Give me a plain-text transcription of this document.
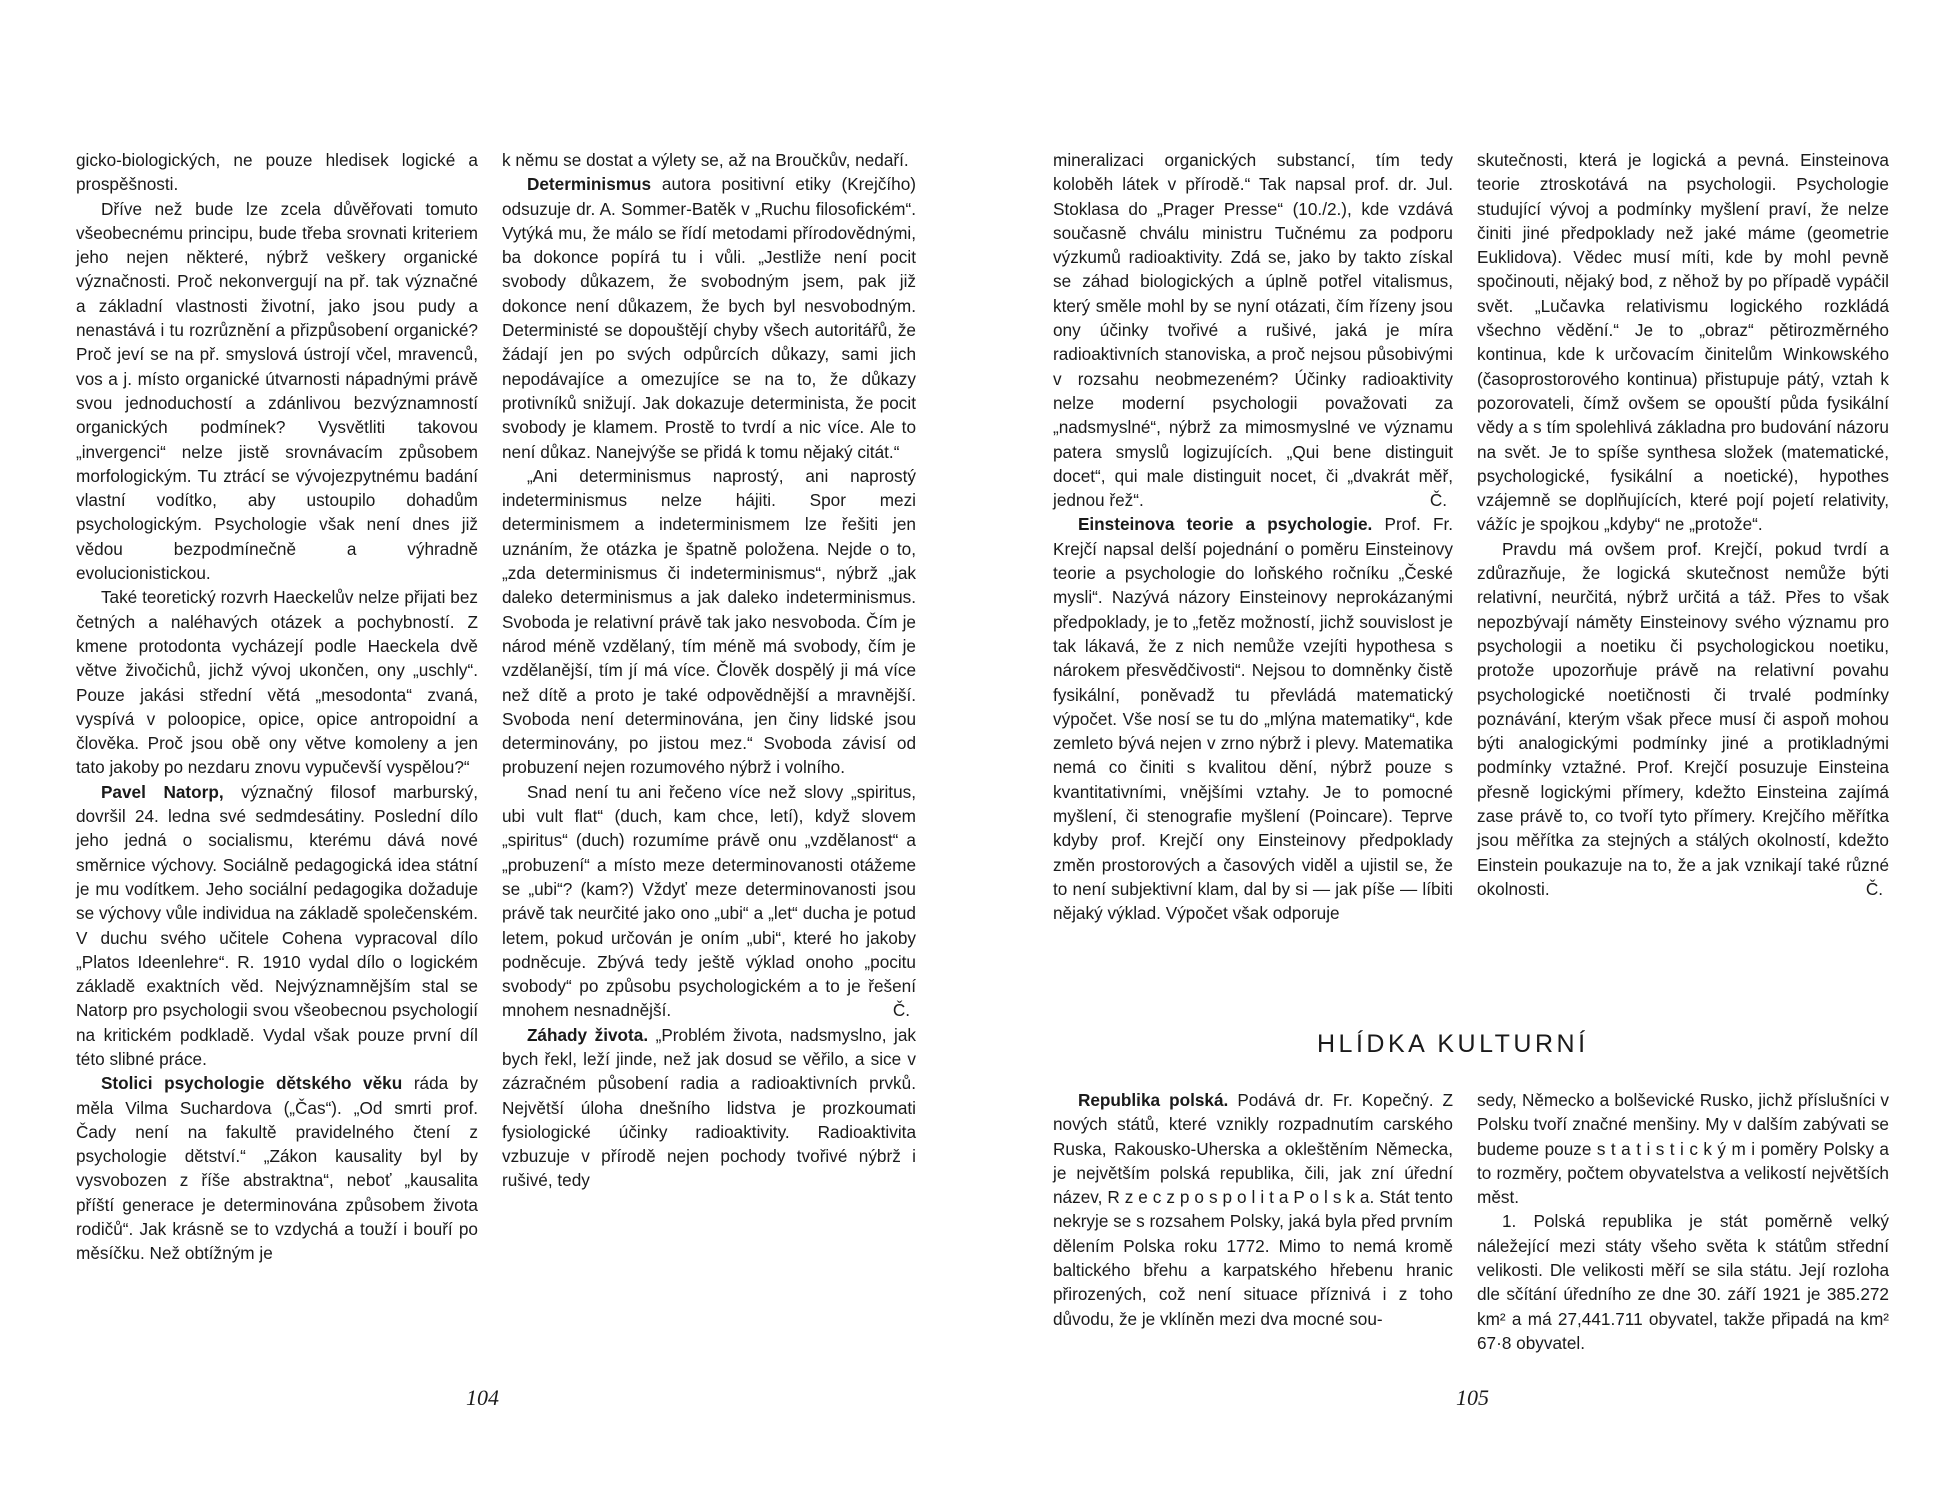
gicko-biologických, ne pouze hledisek logické a prospěšnosti.

Dříve než bude lze zcela důvěřovati tomuto všeobecnému principu, bude třeba srovnati kriteriem jeho nejen některé, nýbrž veškery organické význačnosti. Proč nekonvergují na př. tak význačné a základní vlastnosti životní, jako jsou pudy a nenastává i tu rozrůznění a přizpůsobení organické? Proč jeví se na př. smyslová ústrojí včel, mravenců, vos a j. místo organické útvarnosti nápadnými právě svou jednoduchostí a zdánlivou bezvýznamností organických podmínek? Vysvětliti takovou „invergenci“ nelze jistě srovnávacím způsobem morfologickým. Tu ztrácí se vývojezpytnému badání vlastní vodítko, aby ustoupilo dohadům psychologickým. Psychologie však není dnes již vědou bezpodmínečně a výhradně evolucionistickou.

Také teoretický rozvrh Haeckelův nelze přijati bez četných a naléhavých otázek a pochybností. Z kmene protodonta vycházejí podle Haeckela dvě větve živočichů, jichž vývoj ukončen, ony „uschly“. Pouze jakási střední větá „mesodonta“ zvaná, vyspívá v poloopice, opice, opice antropoidní a člověka. Proč jsou obě ony větve komoleny a jen tato jakoby po nezdaru znovu vypučevší vyspělou?“

Pavel Natorp, význačný filosof marburský, dovršil 24. ledna své sedmdesátiny. Poslední dílo jeho jedná o socialismu, kterému dává nové směrnice výchovy. Sociálně pedagogická idea státní je mu vodítkem. Jeho sociální pedagogika dožaduje se výchovy vůle individua na základě společenském. V duchu svého učitele Cohena vypracoval dílo „Platos Ideenlehre“. R. 1910 vydal dílo o logickém základě exaktních věd. Nejvýznamnějším stal se Natorp pro psychologii svou všeobecnou psychologií na kritickém podkladě. Vydal však pouze první díl této slibné práce.

Stolici psychologie dětského věku ráda by měla Vilma Suchardova („Čas“). „Od smrti prof. Čady není na fakultě pravidelného čtení z psychologie dětství.“ „Zákon kausality byl by vysvobozen z říše abstraktna“, neboť „kausalita příští generace je determinována způsobem života rodičů“. Jak krásně se to vzdychá a touží i bouří po měsíčku. Než obtížným je

k němu se dostat a výlety se, až na Broučkův, nedaří.

Determinismus autora positivní etiky (Krejčího) odsuzuje dr. A. Sommer-Batěk v „Ruchu filosofickém“. Vytýká mu, že málo se řídí metodami přírodovědnými, ba dokonce popírá tu i vůli. „Jestliže není pocit svobody důkazem, že svobodným jsem, pak již dokonce není důkazem, že bych byl nesvobodným. Deterministé se dopouštějí chyby všech autoritářů, že žádají jen po svých odpůrcích důkazy, sami jich nepodávajíce a omezujíce se na to, že důkazy protivníků snižují. Jak dokazuje determinista, že pocit svobody je klamem. Prostě to tvrdí a nic více. Ale to není důkaz. Nanejvýše se přidá k tomu nějaký citát.“

„Ani determinismus naprostý, ani naprostý indeterminismus nelze hájiti. Spor mezi determinismem a indeterminismem lze řešiti jen uznáním, že otázka je špatně položena. Nejde o to, „zda determinismus či indeterminismus“, nýbrž „jak daleko determinismus a jak daleko indeterminismus. Svoboda je relativní právě tak jako nesvoboda. Čím je národ méně vzdělaný, tím méně má svobody, čím je vzdělanější, tím jí má více. Člověk dospělý ji má více než dítě a proto je také odpovědnější a mravnější. Svoboda není determinována, jen činy lidské jsou determinovány, po jistou mez.“ Svoboda závisí od probuzení nejen rozumového nýbrž i volního.

Snad není tu ani řečeno více než slovy „spiritus, ubi vult flat“ (duch, kam chce, letí), když slovem „spiritus“ (duch) rozumíme právě onu „vzdělanost“ a „probuzení“ a místo meze determinovanosti otážeme se „ubi“? (kam?) Vždyť meze determinovanosti jsou právě tak neurčité jako ono „ubi“ a „let“ ducha je potud letem, pokud určován je oním „ubi“, které ho jakoby podněcuje. Zbývá tedy ještě výklad onoho „pocitu svobody“ po způsobu psychologickém a to je řešení mnohem nesnadnější.	Č.

Záhady života. „Problém života, nadsmyslno, jak bych řekl, leží jinde, než jak dosud se věřilo, a sice v zázračném působení radia a radioaktivních prvků. Největší úloha dnešního lidstva je prozkoumati fysiologické účinky radioaktivity. Radioaktivita vzbuzuje v přírodě nejen pochody tvořivé nýbrž i rušivé, tedy

104

mineralizaci organických substancí, tím tedy koloběh látek v přírodě.“ Tak napsal prof. dr. Jul. Stoklasa do „Prager Presse“ (10./2.), kde vzdává současně chválu ministru Tučnému za podporu výzkumů radioaktivity. Zdá se, jako by takto získal se záhad biologických a úplně potřel vitalismus, který směle mohl by se nyní otázati, čím řízeny jsou ony účinky tvořivé a rušivé, jaká je míra radioaktivních stanoviska, a proč nejsou působivými v rozsahu neobmezeném? Účinky radioaktivity nelze moderní psychologii považovati za „nadsmyslné“, nýbrž za mimosmyslné ve významu patera smyslů logizujících. „Qui bene distinguit docet“, qui male distinguit nocet, či „dvakrát měř, jednou řež“.	Č.

Einsteinova teorie a psychologie. Prof. Fr. Krejčí napsal delší pojednání o poměru Einsteinovy teorie a psychologie do loňského ročníku „České mysli“. Nazývá názory Einsteinovy neprokázanými předpoklady, je to „fetěz možností, jichž souvislost je tak lákavá, že z nich nemůže vzejíti hypothesa s nárokem přesvědčivosti“. Nejsou to domněnky čistě fysikální, poněvadž tu převládá matematický výpočet. Vše nosí se tu do „mlýna matematiky“, kde zemleto bývá nejen v zrno nýbrž i plevy. Matematika nemá co činiti s kvalitou dění, nýbrž pouze s kvantitativními, vnějšími vztahy. Je to pomocné myšlení, či stenografie myšlení (Poincare). Teprve kdyby prof. Krejčí ony Einsteinovy předpoklady změn prostorových a časových viděl a ujistil se, že to není subjektivní klam, dal by si — jak píše — líbiti nějaký výklad. Výpočet však odporuje

skutečnosti, která je logická a pevná. Einsteinova teorie ztroskotává na psychologii. Psychologie studující vývoj a podmínky myšlení praví, že nelze činiti jiné předpoklady než jaké máme (geometrie Euklidova). Vědec musí míti, kde by mohl pevně spočinouti, nějaký bod, z něhož by po případě vypáčil svět. „Lučavka relativismu logického rozkládá všechno vědění.“ Je to „obraz“ pětirozměrného kontinua, kde k určovacím činitelům Winkowského (časoprostorového kontinua) přistupuje pátý, vztah k pozorovateli, čímž ovšem se opouští půda fysikální vědy a s tím spolehlivá základna pro budování názoru na svět. Je to spíše synthesa složek (matematické, psychologické, fysikální a noetické), hypothes vzájemně se doplňujících, které pojí pojetí relativity, vážíc je spojkou „kdyby“ ne „protože“.

Pravdu má ovšem prof. Krejčí, pokud tvrdí a zdůrazňuje, že logická skutečnost nemůže býti relativní, neurčitá, nýbrž určitá a táž. Přes to však nepozbývají náměty Einsteinovy svého významu pro psychologii a noetiku či psychologickou noetiku, protože upozorňuje právě na relativní povahu psychologické noetičnosti či trvalé podmínky poznávání, kterým však přece musí či aspoň mohou býti analogickými podmínky jiné a protikladnými podmínky vztažné. Prof. Krejčí posuzuje Einsteina přesně logickými přímery, kdežto Einsteina zajímá zase právě to, co tvoří tyto přímery. Krejčího měřítka jsou měřítka za stejných a stálých okolností, kdežto Einstein poukazuje na to, že a jak vznikají také různé okolnosti.	Č.

HLÍDKA KULTURNÍ

Republika polská. Podává dr. Fr. Kopečný. Z nových států, které vznikly rozpadnutím carského Ruska, Rakousko-Uherska a okleštěním Německa, je největším polská republika, čili, jak zní úřední název, R z e c z p o s p o l i t a P o l s k a. Stát tento nekryje se s rozsahem Polsky, jaká byla před prvním dělením Polska roku 1772. Mimo to nemá kromě baltického břehu a karpatského hřebenu hranic přirozených, což není situace příznivá i z toho důvodu, že je vklíněn mezi dva mocné sou-

sedy, Německo a bolševické Rusko, jichž příslušníci v Polsku tvoří značné menšiny. My v dalším zabývati se budeme pouze s t a t i s t i c k ý m i poměry Polsky a to rozměry, počtem obyvatelstva a velikostí největších měst.

1. Polská republika je stát poměrně velký náležející mezi státy všeho světa k státům střední velikosti. Dle velikosti měří se sila státu. Její rozloha dle sčítání úředního ze dne 30. září 1921 je 385.272 km² a má 27,441.711 obyvatel, takže připadá na km² 67·8 obyvatel.

105
